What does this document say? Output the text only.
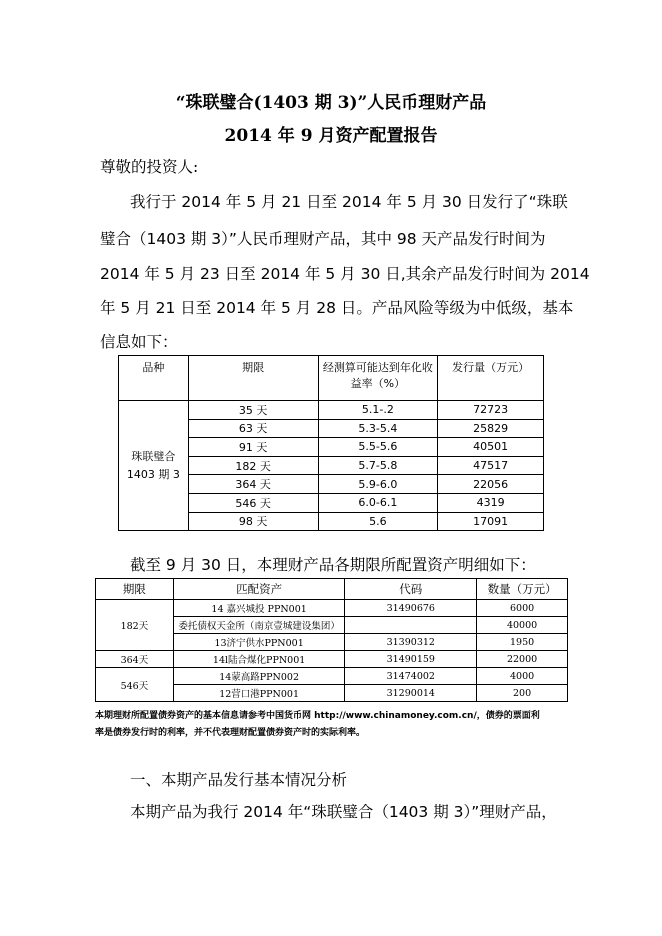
“珠联璧合(1403 期 3)”人民币理财产品
2014 年 9 月资产配置报告
尊敬的投资人:
我行于 2014 年 5 月 21 日至 2014 年 5 月 30 日发行了“珠联
璧合（1403 期 3）”人民币理财产品，其中 98 天产品发行时间为
2014 年 5 月 23 日至 2014 年 5 月 30 日,其余产品发行时间为 2014
年 5 月 21 日至 2014 年 5 月 28 日。产品风险等级为中低级，基本
信息如下：
品种	期限	经测算可能达到年化收益率（%）	发行量（万元）

珠联璧合
1403 期 3	35 天	5.1-.2	72723
	63 天	5.3-5.4	25829
	91 天	5.5-5.6	40501
	182 天	5.7-5.8	47517
	364 天	5.9-6.0	22056
	546 天	6.0-6.1	4319
	98 天	5.6	17091
截至 9 月 30 日，本理财产品各期限所配置资产明细如下：
期限	匹配资产	代码	数量（万元）
182天	14 嘉兴城投 PPN001	31490676	6000
	委托债权天金所（南京壹城建设集团）		40000
	13济宁供水PPN001	31390312	1950
364天	14l陆合煤化PPN001	31490159	22000
546天	14蒙高路PPN002	31474002	4000
	12营口港PPN001	31290014	200
本期理财所配置债券资产的基本信息请参考中国货币网 http://www.chinamoney.com.cn/，债券的票面利
率是债券发行时的利率，并不代表理财配置债券资产时的实际利率。
一、本期产品发行基本情况分析
本期产品为我行 2014 年“珠联璧合（1403 期 3）”理财产品，
